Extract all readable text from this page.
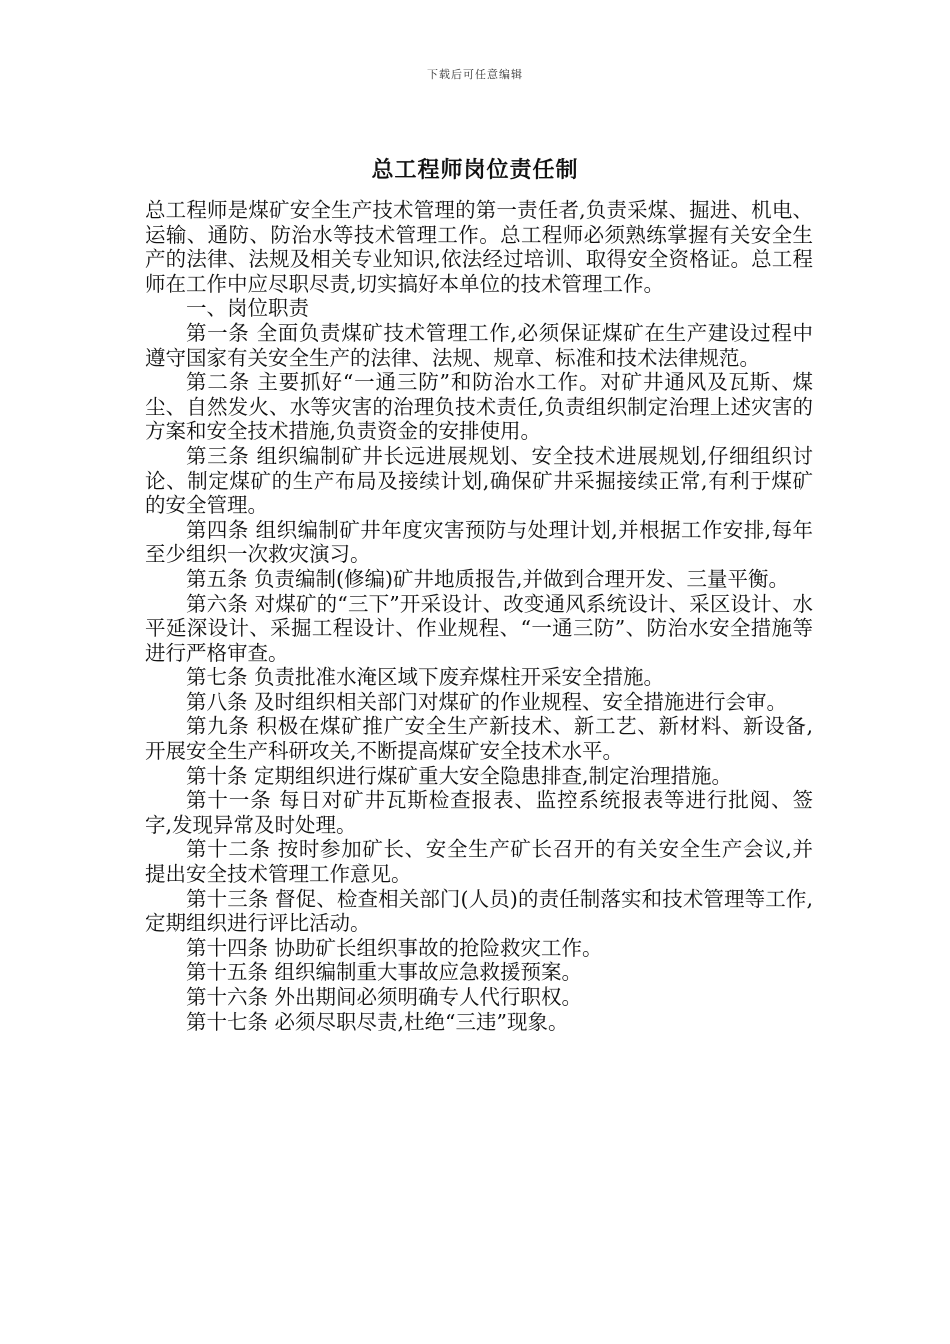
下载后可任意编辑
总工程师岗位责任制

总工程师是煤矿安全生产技术管理的第一责任者,负责采煤、掘进、机电、运输、通防、防治水等技术管理工作。总工程师必须熟练掌握有关安全生产的法律、法规及相关专业知识,依法经过培训、取得安全资格证。总工程师在工作中应尽职尽责,切实搞好本单位的技术管理工作。

一、岗位职责

第一条 全面负责煤矿技术管理工作,必须保证煤矿在生产建设过程中遵守国家有关安全生产的法律、法规、规章、标准和技术法律规范。

第二条 主要抓好“一通三防”和防治水工作。对矿井通风及瓦斯、煤尘、自然发火、水等灾害的治理负技术责任,负责组织制定治理上述灾害的方案和安全技术措施,负责资金的安排使用。

第三条 组织编制矿井长远进展规划、安全技术进展规划,仔细组织讨论、制定煤矿的生产布局及接续计划,确保矿井采掘接续正常,有利于煤矿的安全管理。

第四条 组织编制矿井年度灾害预防与处理计划,并根据工作安排,每年至少组织一次救灾演习。

第五条 负责编制(修编)矿井地质报告,并做到合理开发、三量平衡。

第六条 对煤矿的“三下”开采设计、改变通风系统设计、采区设计、水平延深设计、采掘工程设计、作业规程、“一通三防”、防治水安全措施等进行严格审查。

第七条 负责批准水淹区域下废弃煤柱开采安全措施。

第八条 及时组织相关部门对煤矿的作业规程、安全措施进行会审。

第九条 积极在煤矿推广安全生产新技术、新工艺、新材料、新设备,开展安全生产科研攻关,不断提高煤矿安全技术水平。

第十条 定期组织进行煤矿重大安全隐患排查,制定治理措施。

第十一条 每日对矿井瓦斯检查报表、监控系统报表等进行批阅、签字,发现异常及时处理。

第十二条 按时参加矿长、安全生产矿长召开的有关安全生产会议,并提出安全技术管理工作意见。

第十三条 督促、检查相关部门(人员)的责任制落实和技术管理等工作,定期组织进行评比活动。

第十四条 协助矿长组织事故的抢险救灾工作。

第十五条 组织编制重大事故应急救援预案。

第十六条 外出期间必须明确专人代行职权。

第十七条 必须尽职尽责,杜绝“三违”现象。
